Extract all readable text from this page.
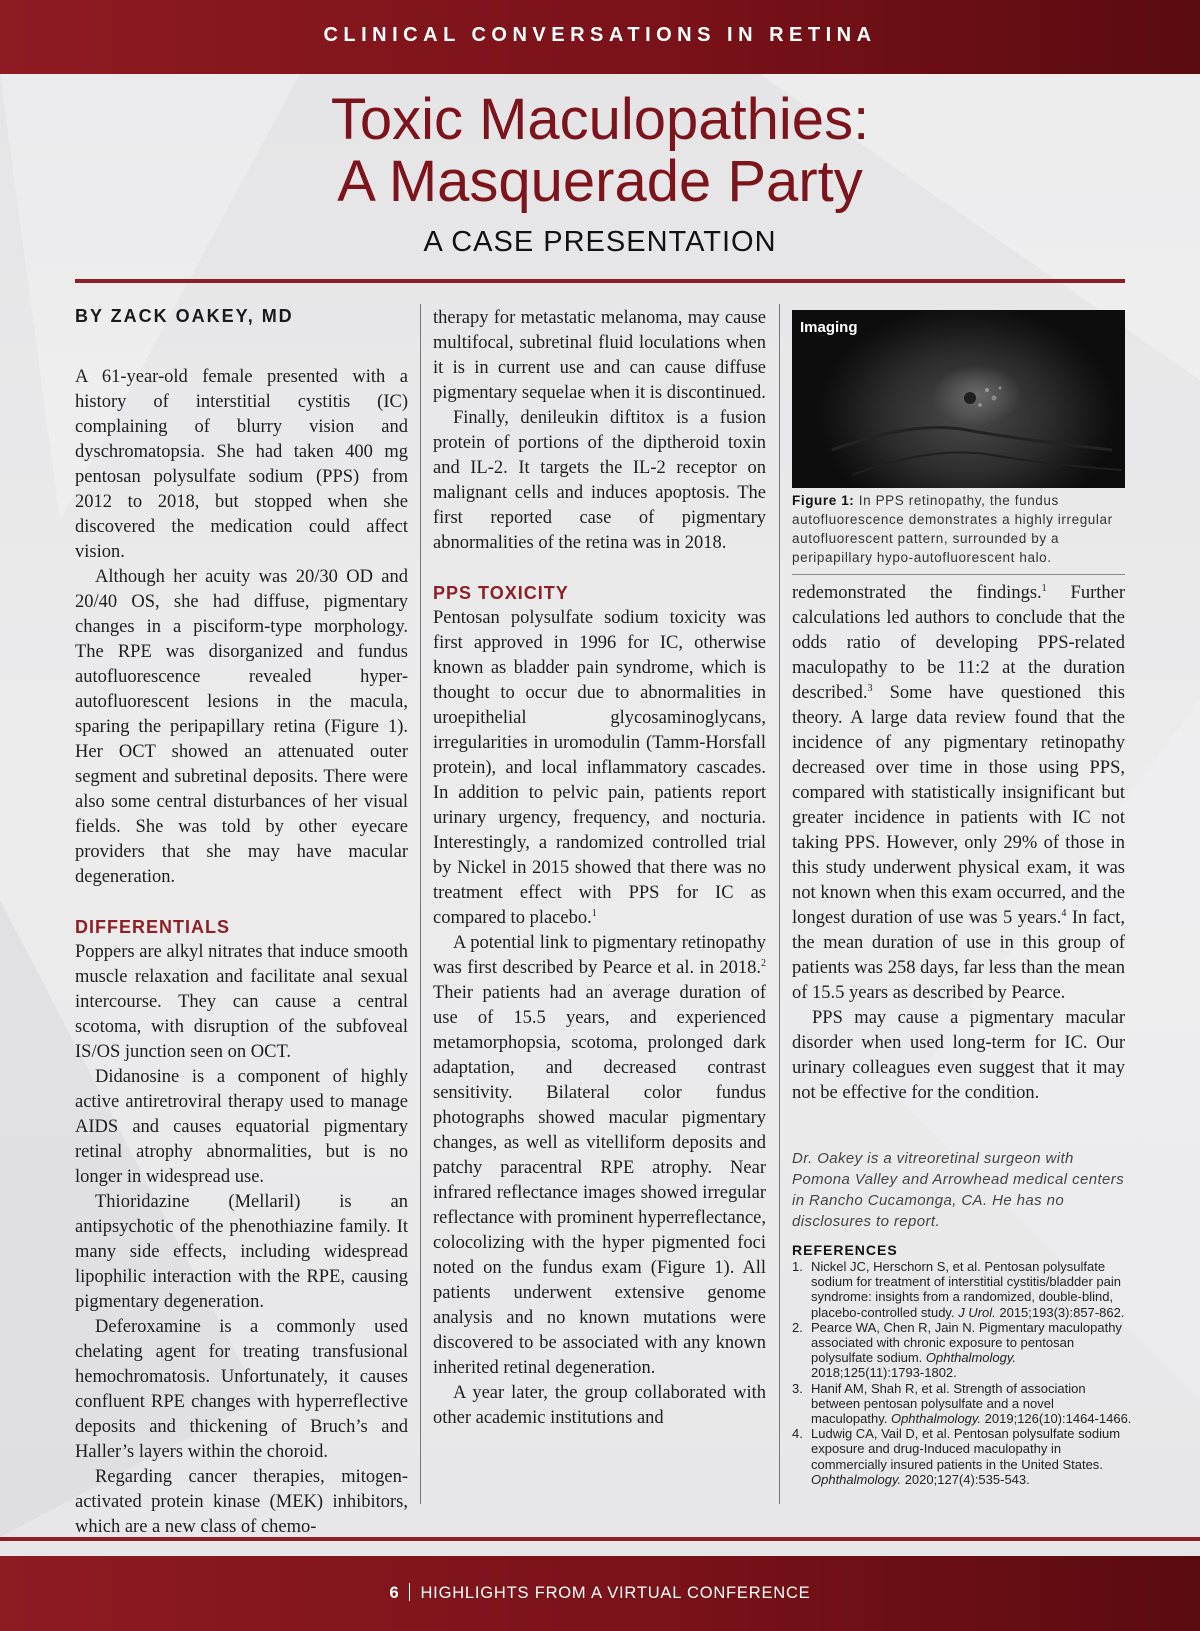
CLINICAL CONVERSATIONS IN RETINA
Toxic Maculopathies:
A Masquerade Party
A CASE PRESENTATION
BY ZACK OAKEY, MD

A 61-year-old female presented with a history of interstitial cystitis (IC) complaining of blurry vision and dyschromatopsia. She had taken 400 mg pentosan polysulfate sodium (PPS) from 2012 to 2018, but stopped when she discovered the medication could affect vision.

Although her acuity was 20/30 OD and 20/40 OS, she had diffuse, pigmentary changes in a pisciform-type morphology. The RPE was disorganized and fundus autofluorescence revealed hyper-autofluorescent lesions in the macula, sparing the peripapillary retina (Figure 1). Her OCT showed an attenuated outer segment and subretinal deposits. There were also some central disturbances of her visual fields. She was told by other eyecare providers that she may have macular degeneration.

DIFFERENTIALS

Poppers are alkyl nitrates that induce smooth muscle relaxation and facilitate anal sexual intercourse. They can cause a central scotoma, with disruption of the subfoveal IS/OS junction seen on OCT.

Didanosine is a component of highly active antiretroviral therapy used to manage AIDS and causes equatorial pigmentary retinal atrophy abnormalities, but is no longer in widespread use.

Thioridazine (Mellaril) is an antipsychotic of the phenothiazine family. It many side effects, including widespread lipophilic interaction with the RPE, causing pigmentary degeneration.

Deferoxamine is a commonly used chelating agent for treating transfusional hemochromatosis. Unfortunately, it causes confluent RPE changes with hyperreflective deposits and thickening of Bruch’s and Haller’s layers within the choroid.

Regarding cancer therapies, mitogen-activated protein kinase (MEK) inhibitors, which are a new class of chemo-

therapy for metastatic melanoma, may cause multifocal, subretinal fluid loculations when it is in current use and can cause diffuse pigmentary sequelae when it is discontinued.

Finally, denileukin diftitox is a fusion protein of portions of the diptheroid toxin and IL-2. It targets the IL-2 receptor on malignant cells and induces apoptosis. The first reported case of pigmentary abnormalities of the retina was in 2018.

PPS TOXICITY

Pentosan polysulfate sodium toxicity was first approved in 1996 for IC, otherwise known as bladder pain syndrome, which is thought to occur due to abnormalities in uroepithelial glycosaminoglycans, irregularities in uromodulin (Tamm-Horsfall protein), and local inflammatory cascades. In addition to pelvic pain, patients report urinary urgency, frequency, and nocturia. Interestingly, a randomized controlled trial by Nickel in 2015 showed that there was no treatment effect with PPS for IC as compared to placebo.$^1$

A potential link to pigmentary retinopathy was first described by Pearce et al. in 2018.$^2$ Their patients had an average duration of use of 15.5 years, and experienced metamorphopsia, scotoma, prolonged dark adaptation, and decreased contrast sensitivity. Bilateral color fundus photographs showed macular pigmentary changes, as well as vitelliform deposits and patchy paracentral RPE atrophy. Near infrared reflectance images showed irregular reflectance with prominent hyperreflectance, colocolizing with the hyper pigmented foci noted on the fundus exam (Figure 1). All patients underwent extensive genome analysis and no known mutations were discovered to be associated with any known inherited retinal degeneration.

A year later, the group collaborated with other academic institutions and

Imaging
Figure 1: In PPS retinopathy, the fundus autofluorescence demonstrates a highly irregular autofluorescent pattern, surrounded by a peripapillary hypo-autofluorescent halo.

redemonstrated the findings.$^1$ Further calculations led authors to conclude that the odds ratio of developing PPS-related maculopathy to be 11:2 at the duration described.$^3$ Some have questioned this theory. A large data review found that the incidence of any pigmentary retinopathy decreased over time in those using PPS, compared with statistically insignificant but greater incidence in patients with IC not taking PPS. However, only 29% of those in this study underwent physical exam, it was not known when this exam occurred, and the longest duration of use was 5 years.$^4$ In fact, the mean duration of use in this group of patients was 258 days, far less than the mean of 15.5 years as described by Pearce.

PPS may cause a pigmentary macular disorder when used long-term for IC. Our urinary colleagues even suggest that it may not be effective for the condition.

Dr. Oakey is a vitreoretinal surgeon with Pomona Valley and Arrowhead medical centers in Rancho Cucamonga, CA. He has no disclosures to report.
REFERENCES
1. Nickel JC, Herschorn S, et al. Pentosan polysulfate sodium for treatment of interstitial cystitis/bladder pain syndrome: insights from a randomized, double-blind, placebo-controlled study. J Urol. 2015;193(3):857-862.
2. Pearce WA, Chen R, Jain N. Pigmentary maculopathy associated with chronic exposure to pentosan polysulfate sodium. Ophthalmology. 2018;125(11):1793-1802.
3. Hanif AM, Shah R, et al. Strength of association between pentosan polysulfate and a novel maculopathy. Ophthalmology. 2019;126(10):1464-1466.
4. Ludwig CA, Vail D, et al. Pentosan polysulfate sodium exposure and drug-Induced maculopathy in commercially insured patients in the United States. Ophthalmology. 2020;127(4):535-543.
6 HIGHLIGHTS FROM A VIRTUAL CONFERENCE
